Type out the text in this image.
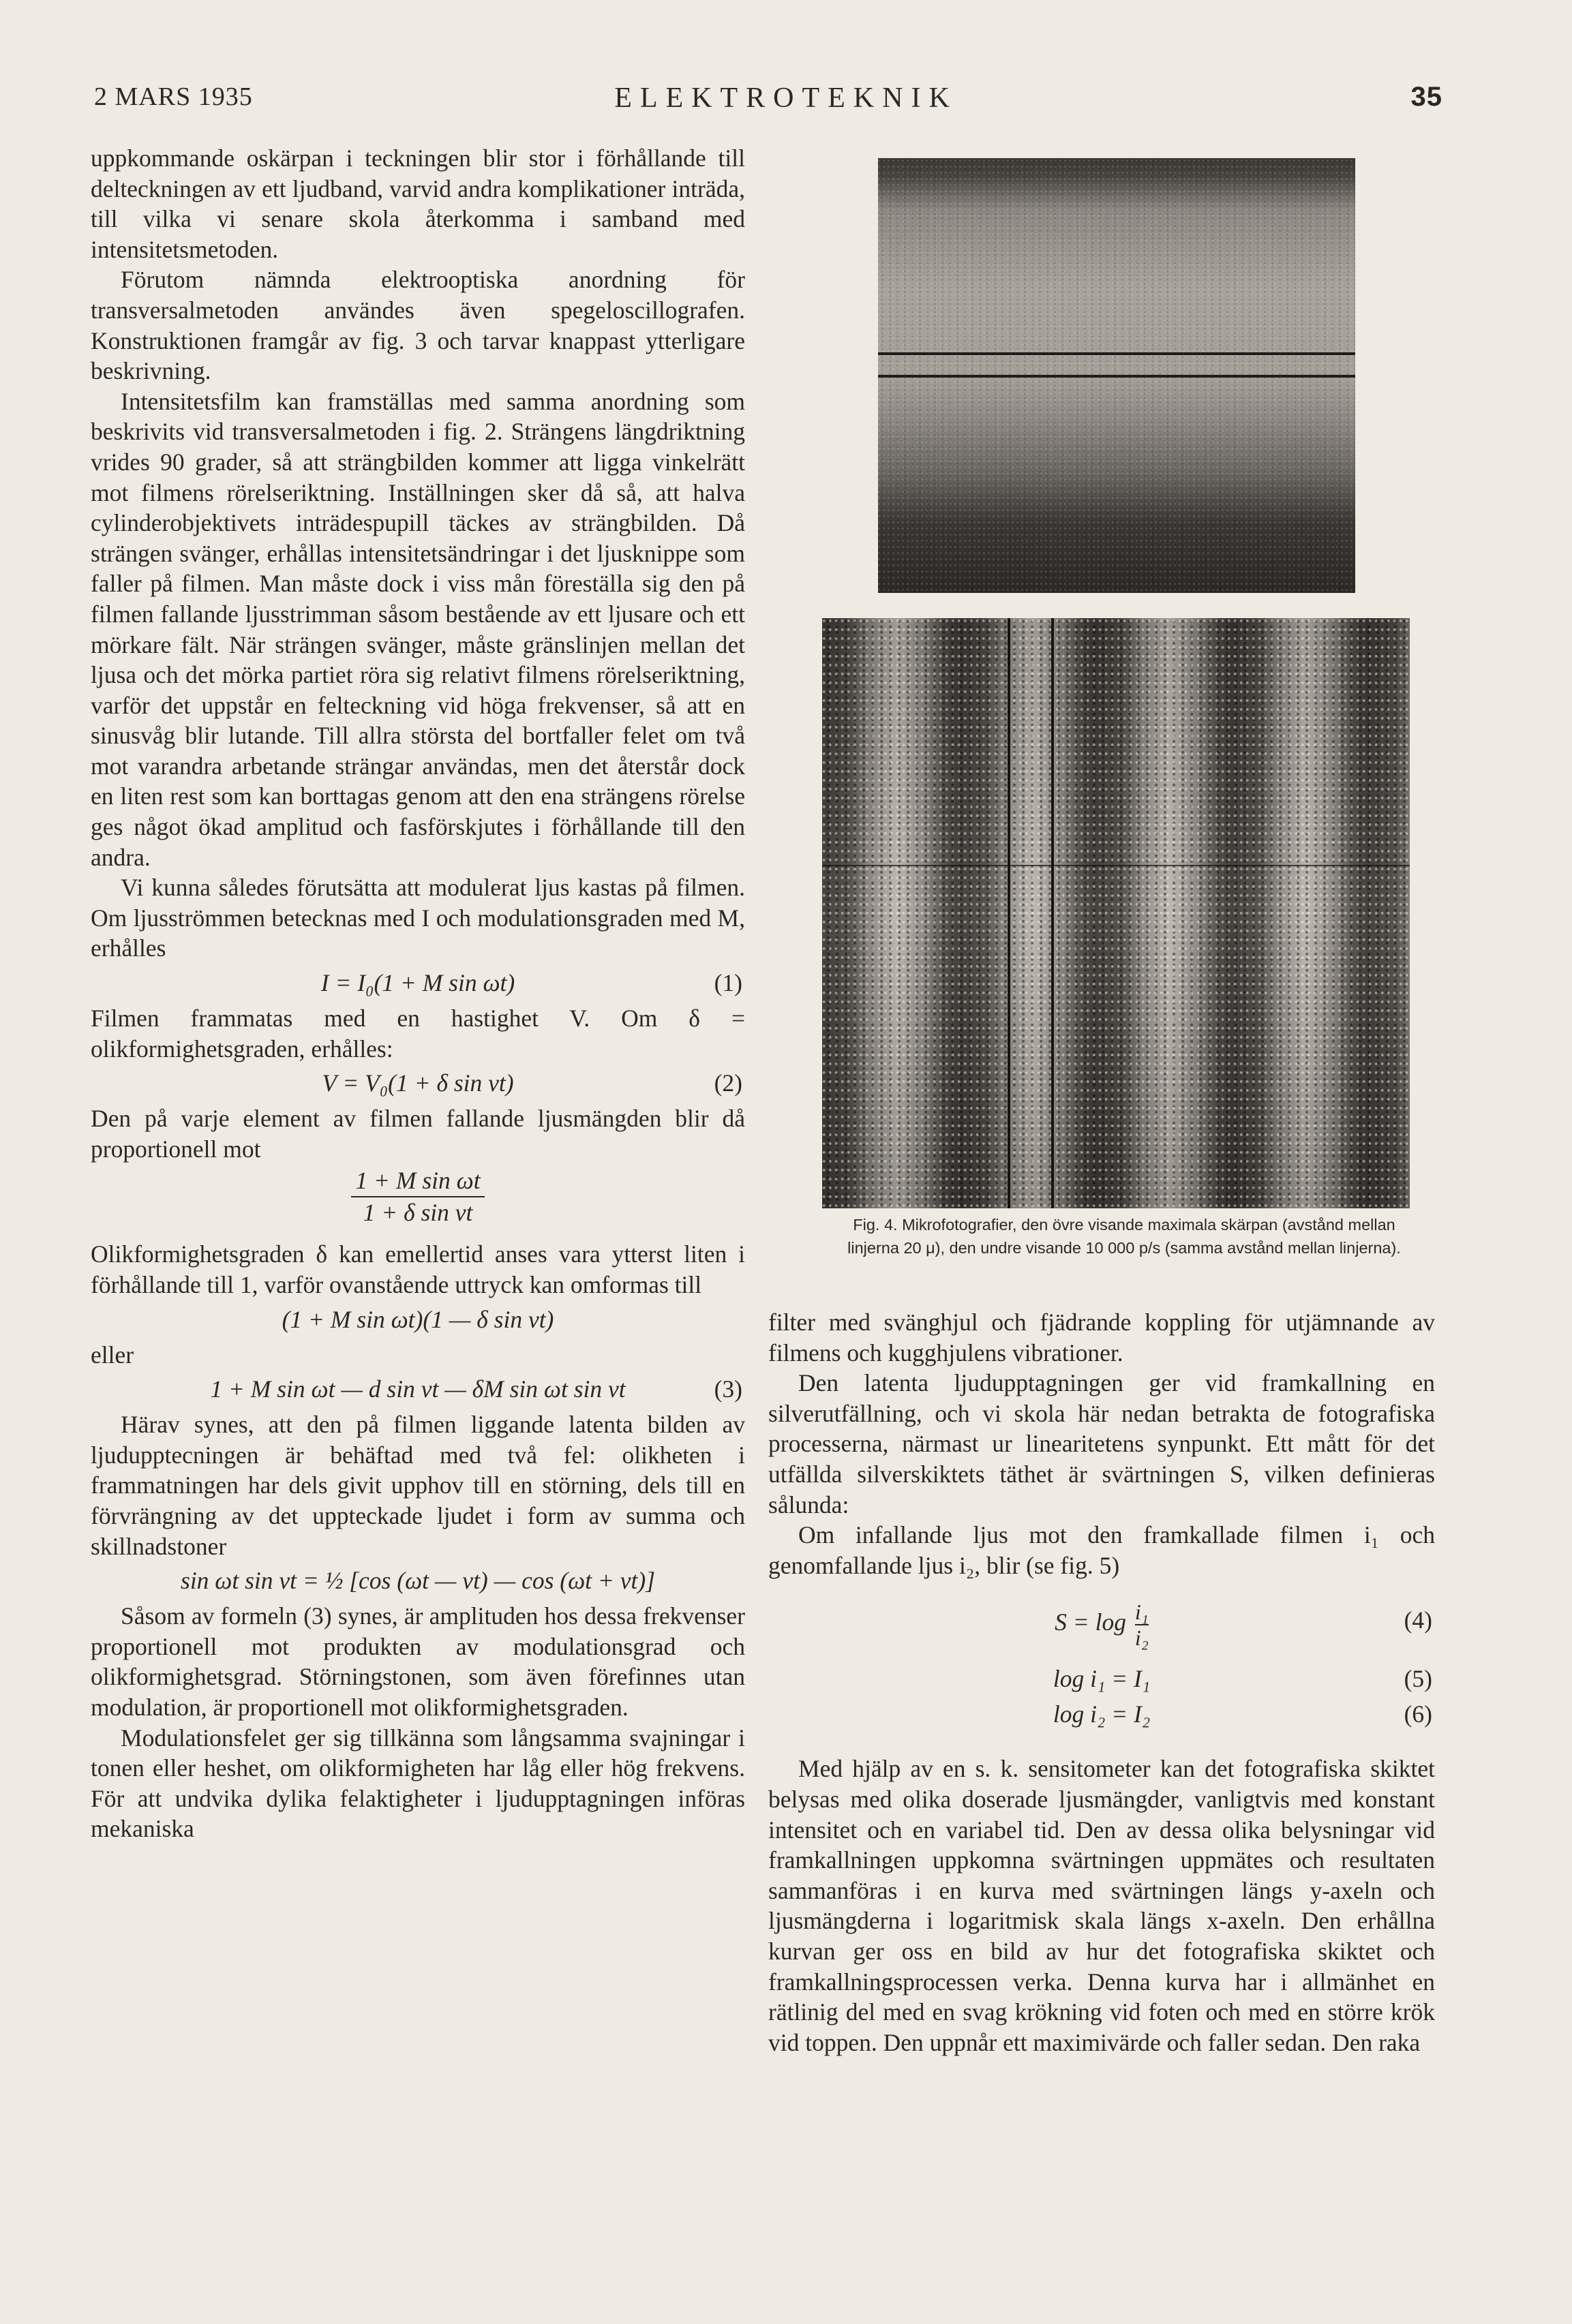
2 MARS 1935	ELEKTROTEKNIK	35

uppkommande oskärpan i teckningen blir stor i förhållande till delteckningen av ett ljudband, varvid andra komplikationer inträda, till vilka vi senare skola återkomma i samband med intensitetsmetoden.

Förutom nämnda elektrooptiska anordning för transversalmetoden användes även spegeloscillografen. Konstruktionen framgår av fig. 3 och tarvar knappast ytterligare beskrivning.

Intensitetsfilm kan framställas med samma anordning som beskrivits vid transversalmetoden i fig. 2. Strängens längdriktning vrides 90 grader, så att strängbilden kommer att ligga vinkelrätt mot filmens rörelseriktning. Inställningen sker då så, att halva cylinderobjektivets inträdespupill täckes av strängbilden. Då strängen svänger, erhållas intensitetsändringar i det ljusknippe som faller på filmen. Man måste dock i viss mån föreställa sig den på filmen fallande ljusstrimman såsom bestående av ett ljusare och ett mörkare fält. När strängen svänger, måste gränslinjen mellan det ljusa och det mörka partiet röra sig relativt filmens rörelseriktning, varför det uppstår en felteckning vid höga frekvenser, så att en sinusvåg blir lutande. Till allra största del bortfaller felet om två mot varandra arbetande strängar användas, men det återstår dock en liten rest som kan borttagas genom att den ena strängens rörelse ges något ökad amplitud och fasförskjutes i förhållande till den andra.

Vi kunna således förutsätta att modulerat ljus kastas på filmen. Om ljusströmmen betecknas med I och modulationsgraden med M, erhålles

I = I₀(1 + M sin ωt)	(1)

Filmen frammatas med en hastighet V. Om δ = olikformighetsgraden, erhålles:

V = V₀(1 + δ sin νt)	(2)

Den på varje element av filmen fallande ljusmängden blir då proportionell mot

$\frac{\text{1 + M sin ωt}}{\text{1 + δ sin νt}}$

Olikformighetsgraden δ kan emellertid anses vara ytterst liten i förhållande till 1, varför ovanstående uttryck kan omformas till

(1 + M sin ωt)(1 — δ sin νt)

eller

1 + M sin ωt — d sin νt — δM sin ωt sin νt	(3)

Härav synes, att den på filmen liggande latenta bilden av ljudupptecningen är behäftad med två fel: olikheten i frammatningen har dels givit upphov till en störning, dels till en förvrängning av det uppteckade ljudet i form av summa och skillnadstoner

sin ωt sin νt = ½ [cos (ωt — νt) — cos (ωt + νt)]

Såsom av formeln (3) synes, är amplituden hos dessa frekvenser proportionell mot produkten av modulationsgrad och olikformighetsgrad. Störningstonen, som även förefinnes utan modulation, är proportionell mot olikformighetsgraden.

Modulationsfelet ger sig tillkänna som långsamma svajningar i tonen eller heshet, om olikformigheten har låg eller hög frekvens. För att undvika dylika felaktigheter i ljudupptagningen införas mekaniska

Fig. 4. Mikrofotografier, den övre visande maximala skärpan (avstånd mellan linjerna 20 μ), den undre visande 10 000 p/s (samma avstånd mellan linjerna).

filter med svänghjul och fjädrande koppling för utjämnande av filmens och kugghjulens vibrationer.

Den latenta ljudupptagningen ger vid framkallning en silverutfällning, och vi skola här nedan betrakta de fotografiska processerna, närmast ur linearitetens synpunkt. Ett mått för det utfällda silverskiktets täthet är svärtningen S, vilken definieras sålunda:

Om infallande ljus mot den framkallade filmen i₁ och genomfallande ljus i₂, blir (se fig. 5)

$S = \log \frac{\text{i₁}}{\text{i₂}}$	(4)
log i₁ = I₁	(5)
log i₂ = I₂	(6)

Med hjälp av en s. k. sensitometer kan det fotografiska skiktet belysas med olika doserade ljusmängder, vanligtvis med konstant intensitet och en variabel tid. Den av dessa olika belysningar vid framkallningen uppkomna svärtningen uppmätes och resultaten sammanföras i en kurva med svärtningen längs y-axeln och ljusmängderna i logaritmisk skala längs x-axeln. Den erhållna kurvan ger oss en bild av hur det fotografiska skiktet och framkallningsprocessen verka. Denna kurva har i allmänhet en rätlinig del med en svag krökning vid foten och med en större krök vid toppen. Den uppnår ett maximivärde och faller sedan. Den raka
